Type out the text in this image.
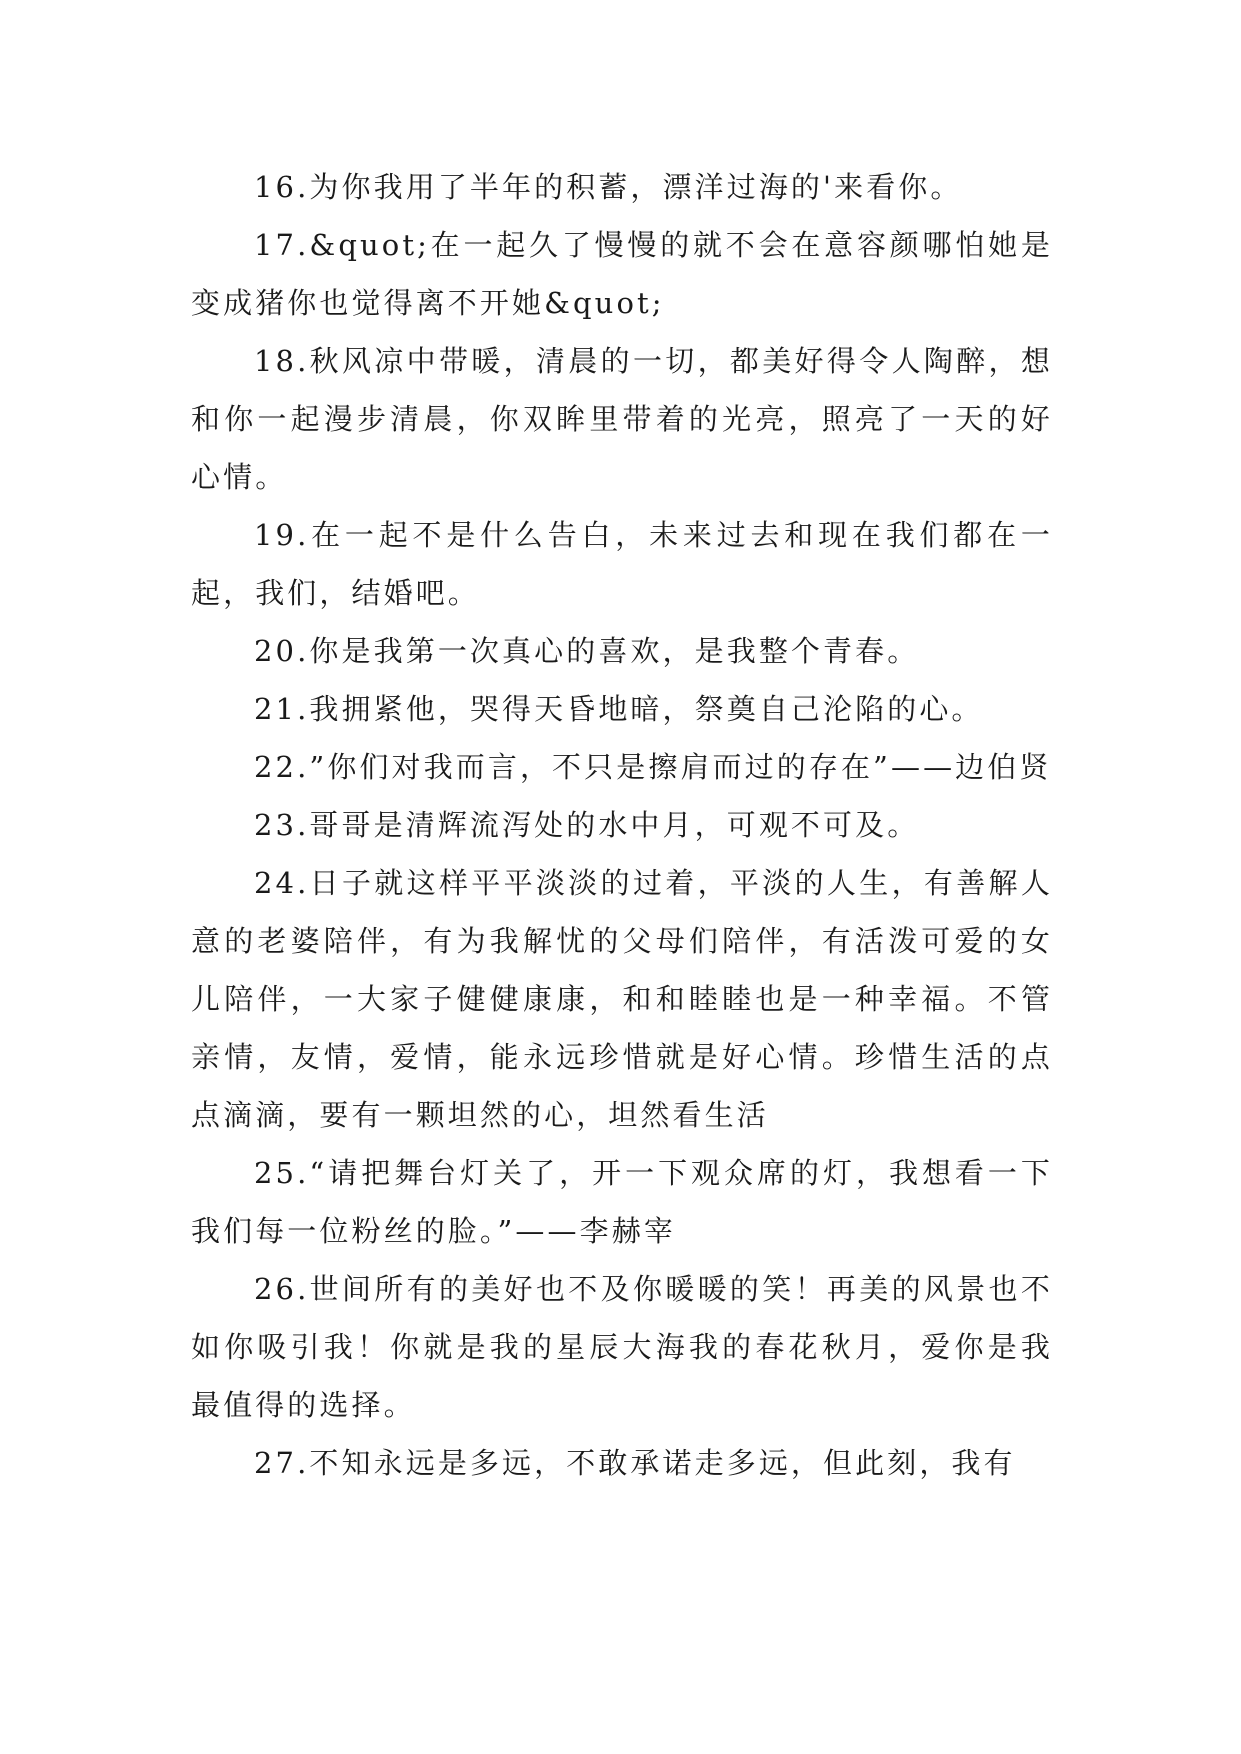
16.为你我用了半年的积蓄，漂洋过海的'来看你。

17.&quot;在一起久了慢慢的就不会在意容颜哪怕她是变成猪你也觉得离不开她&quot;

18.秋风凉中带暖，清晨的一切，都美好得令人陶醉，想和你一起漫步清晨，你双眸里带着的光亮，照亮了一天的好心情。

19.在一起不是什么告白，未来过去和现在我们都在一起，我们，结婚吧。

20.你是我第一次真心的喜欢，是我整个青春。

21.我拥紧他，哭得天昏地暗，祭奠自己沦陷的心。

22.”你们对我而言，不只是擦肩而过的存在”——边伯贤

23.哥哥是清辉流泻处的水中月，可观不可及。

24.日子就这样平平淡淡的过着，平淡的人生，有善解人意的老婆陪伴，有为我解忧的父母们陪伴，有活泼可爱的女儿陪伴，一大家子健健康康，和和睦睦也是一种幸福。不管亲情，友情，爱情，能永远珍惜就是好心情。珍惜生活的点点滴滴，要有一颗坦然的心，坦然看生活

25.“请把舞台灯关了，开一下观众席的灯，我想看一下我们每一位粉丝的脸。”——李赫宰

26.世间所有的美好也不及你暖暖的笑！再美的风景也不如你吸引我！你就是我的星辰大海我的春花秋月，爱你是我最值得的选择。

27.不知永远是多远，不敢承诺走多远，但此刻，我有
